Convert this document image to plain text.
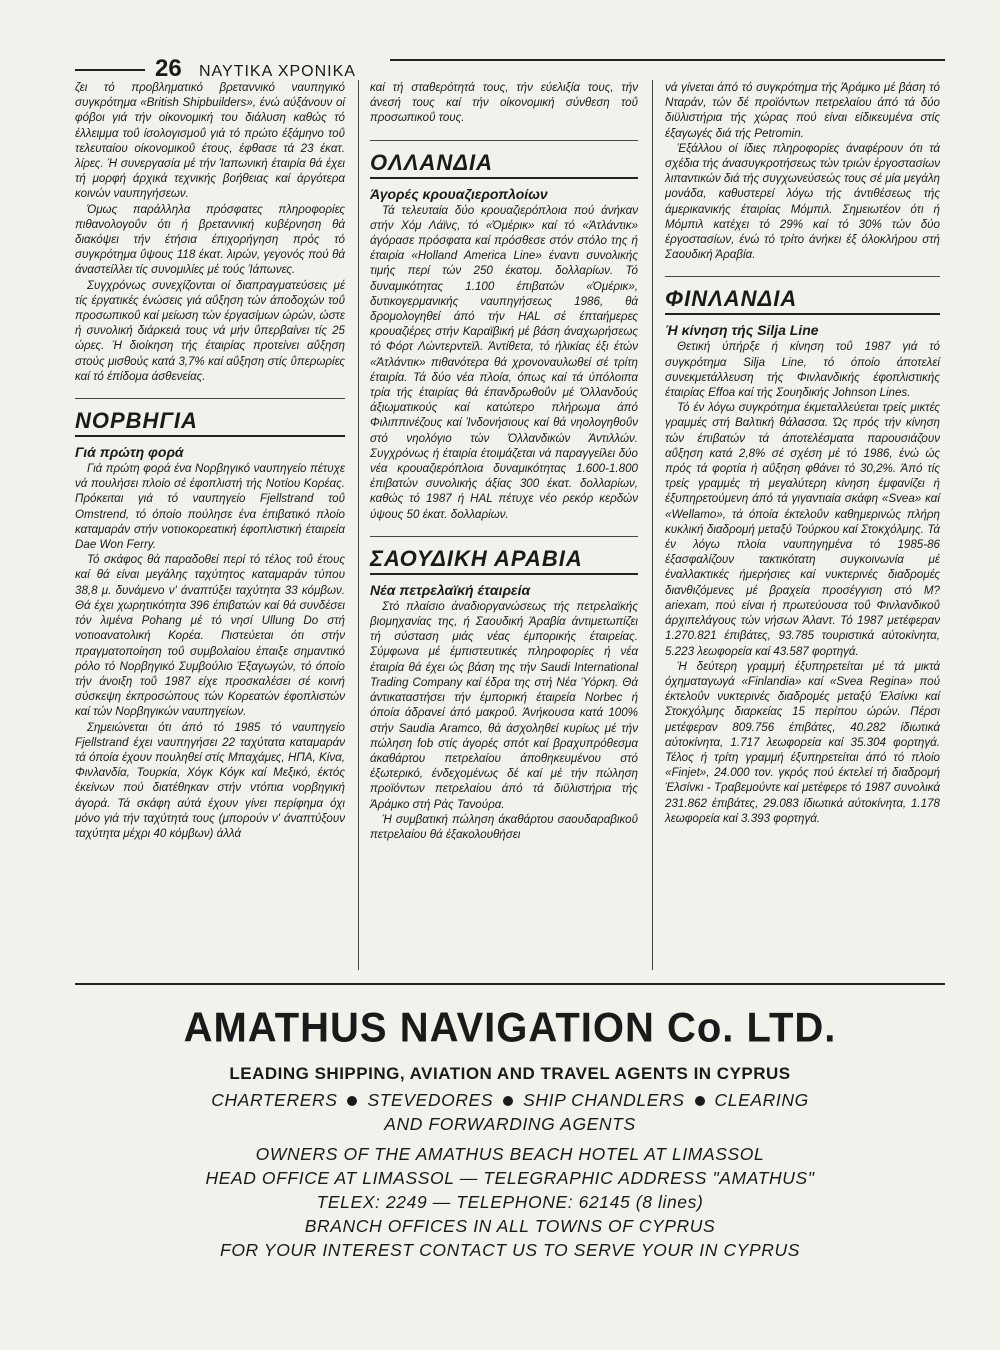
26 ΝΑΥΤΙΚΑ ΧΡΟΝΙΚΑ

ζει τό προβληματικό βρεταννικό ναυπηγικό συγκρότημα «British Shipbuilders», ένώ αύξάνουν οί φόβοι γιά τήν οίκονομική του διάλυση καθώς τό έλλειμμα τοΰ ίσολογισμοΰ γιά τό πρώτο έξάμηνο τοΰ τελευταίου οίκονομικοΰ έτους, έφθασε τά 23 έκατ. λίρες. Ή συνεργασία μέ τήν Ίαπωνική έταιρία θά έχει τή μορφή άρχικά τεχνικής βοήθειας καί άργότερα κοινών ναυπηγήσεων.

Όμως παράλληλα πρόσφατες πληροφορίες πιθανολογοΰν ότι ή βρεταννική κυβέρνηση θά διακόψει τήν έτήσια έπιχορήγηση πρός τό συγκρότημα ΰψους 118 έκατ. λιρών, γεγονός πού θά άναστείλλει τίς συνομιλίες μέ τούς Ίάπωνες.

Συγχρόνως συνεχίζονται οί διαπραγματεύσεις μέ τίς έργατικές ένώσεις γιά αΰξηση τών άποδοχών τοΰ προσωπικοΰ καί μείωση τών έργασίμων ώρών, ώστε ή συνολική διάρκειά τους νά μήν ΰπερβαίνει τίς 25 ώρες. Ή διοίκηση τής έταιρίας προτείνει αΰξηση στούς μισθούς κατά 3,7% καί αΰξηση στίς ΰπερωρίες καί τό έπίδομα άσθενείας.

ΝΟΡΒΗΓΙΑ

Γιά πρώτη φορά

Γιά πρώτη φορά ένα Νορβηγικό ναυπηγείο πέτυχε νά πουλήσει πλοίο σέ έφοπλιστή τής Νοτίου Κορέας. Πρόκειται γιά τό ναυπηγείο Fjellstrand τοΰ Omstrend, τό όποίο πούλησε ένα έπιβατικό πλοίο καταμαράν στήν νοτιοκορεατική έφοπλιστική έταιρεία Dae Won Ferry.

Τό σκάφος θά παραδοθεί περί τό τέλος τοΰ έτους καί θά είναι μεγάλης ταχύτητος καταμαράν τύπου 38,8 μ. δυνάμενο ν' άναπτύξει ταχύτητα 33 κόμβων. Θά έχει χωρητικότητα 396 έπιβατών καί θά συνδέσει τόν λιμένα Pohang μέ τό νησί Ullung Do στή νοτιοανατολική Κορέα. Πιστεύεται ότι στήν πραγματοποίηση τοΰ συμβολαίου έπαιξε σημαντικό ρόλο τό Νορβηγικό Συμβούλιο Έξαγωγών, τό όποίο τήν άνοιξη τοΰ 1987 είχε προσκαλέσει σέ κοινή σύσκεψη έκπροσώπους τών Κορεατών έφοπλιστών καί τών Νορβηγικών ναυπηγείων.

Σημειώνεται ότι άπό τό 1985 τό ναυπηγείο Fjellstrand έχει ναυπηγήσει 22 ταχύτατα καταμαράν τά όποία έχουν πουληθεί στίς Μπαχάμες, ΗΠΑ, Κίνα, Φινλανδία, Τουρκία, Χόγκ Κόγκ καί Μεξικό, έκτός έκείνων πού διατέθηκαν στήν ντόπια νορβηγική άγορά. Τά σκάφη αύτά έχουν γίνει περίφημα όχι μόνο γιά τήν ταχύτητά τους (μπορούν ν' άναπτύξουν ταχύτητα μέχρι 40 κόμβων) άλλά

καί τή σταθερότητά τους, τήν εύελιξία τους, τήν άνεσή τους καί τήν οίκονομική σύνθεση τοΰ προσωπικοΰ τους.

ΟΛΛΑΝΔΙΑ

Άγορές κρουαζιεροπλοίων

Τά τελευταία δύο κρουαζιερόπλοια πού άνήκαν στήν Χόμ Λάϊνς, τό «Όμέρικ» καί τό «Άτλάντικ» άγόρασε πρόσφατα καί πρόσθεσε στόν στόλο της ή έταιρία «Holland America Line» έναντι συνολικής τιμής περί τών 250 έκατομ. δολλαρίων. Τό δυναμικότητας 1.100 έπιβατών «Όμέρικ», δυτικογερμανικής ναυπηγήσεως 1986, θά δρομολογηθεί άπό τήν HAL σέ έπταήμερες κρουαζιέρες στήν Καραϊβική μέ βάση άναχωρήσεως τό Φόρτ Λώντερντεϊλ. Άντίθετα, τό ήλικίας έξι έτών «Άτλάντικ» πιθανότερα θά χρονοναυλωθεί σέ τρίτη έταιρία. Τά δύο νέα πλοία, όπως καί τά ύπόλοιπα τρία τής έταιρίας θά έπανδρωθοΰν μέ Όλλανδούς άξιωματικούς καί κατώτερο πλήρωμα άπό Φιλιππινέζους καί Ίνδονήσιους καί θά νηολογηθοΰν στό νηολόγιο τών Όλλανδικών Άντιλλών. Συγχρόνως ή έταιρία έτοιμάζεται νά παραγγείλει δύο νέα κρουαζιερόπλοια δυναμικότητας 1.600-1.800 έπιβατών συνολικής άξίας 300 έκατ. δολλαρίων, καθώς τό 1987 ή HAL πέτυχε νέο ρεκόρ κερδών ύψους 50 έκατ. δολλαρίων.

ΣΑΟΥΔΙΚΗ ΑΡΑΒΙΑ

Νέα πετρελαϊκή έταιρεία

Στό πλαίσιο άναδιοργανώσεως τής πετρελαϊκής βιομηχανίας της, ή Σαουδική Άραβία άντιμετωπίζει τή σύσταση μιάς νέας έμπορικής έταιρείας. Σύμφωνα μέ έμπιστευτικές πληροφορίες ή νέα έταιρία θά έχει ώς βάση της τήν Saudi International Trading Company καί έδρα της στή Νέα Ύόρκη. Θά άντικαταστήσει τήν έμπορική έταιρεία Norbec ή όποία άδρανεί άπό μακροΰ. Άνήκουσα κατά 100% στήν Saudia Aramco, θά άσχοληθεί κυρίως μέ τήν πώληση fob στίς άγορές σπότ καί βραχυπρόθεσμα άκαθάρτου πετρελαίου άποθηκευμένου στό έξωτερικό, ένδεχομένως δέ καί μέ τήν πώληση προϊόντων πετρελαίου άπό τά διϋλιστήρια τής Άράμκο στή Ράς Τανούρα.

Ή συμβατική πώληση άκαθάρτου σαουδαραβικοΰ πετρελαίου θά έξακολουθήσει

νά γίνεται άπό τό συγκρότημα τής Άράμκο μέ βάση τό Νταράν, τών δέ προϊόντων πετρελαίου άπό τά δύο διϋλιστήρια τής χώρας πού είναι είδικευμένα στίς έξαγωγές διά τής Petromin.

Έξάλλου οί ίδιες πληροφορίες άναφέρουν ότι τά σχέδια τής άνασυγκροτήσεως τών τριών έργοστασίων λιπαντικών διά τής συγχωνεύσεώς τους σέ μία μεγάλη μονάδα, καθυστερεί λόγω τής άντιθέσεως τής άμερικανικής έταιρίας Μόμπιλ. Σημειωτέον ότι ή Μόμπιλ κατέχει τό 29% καί τό 30% τών δύο έργοστασίων, ένώ τό τρίτο άνήκει έξ όλοκλήρου στή Σαουδική Άραβία.

ΦΙΝΛΑΝΔΙΑ

Ή κίνηση τής Silja Line

Θετική ύπήρξε ή κίνηση τοΰ 1987 γιά τό συγκρότημα Silja Line, τό όποίο άποτελεί συνεκμετάλλευση τής Φινλανδικής έφοπλιστικής έταιρίας Effoa καί τής Σουηδικής Johnson Lines.

Τό έν λόγω συγκρότημα έκμεταλλεύεται τρείς μικτές γραμμές στή Βαλτική θάλασσα. Ώς πρός τήν κίνηση τών έπιβατών τά άποτελέσματα παρουσιάζουν αΰξηση κατά 2,8% σέ σχέση μέ τό 1986, ένώ ώς πρός τά φορτία ή αΰξηση φθάνει τό 30,2%. Άπό τίς τρείς γραμμές τή μεγαλύτερη κίνηση έμφανίζει ή έξυπηρετούμενη άπό τά γιγαντιαία σκάφη «Svea» καί «Wellamo», τά όποία έκτελοΰν καθημερινώς πλήρη κυκλική διαδρομή μεταξύ Τούρκου καί Στοκχόλμης. Τά έν λόγω πλοία ναυπηγημένα τό 1985-86 έξασφαλίζουν τακτικότατη συγκοινωνία μέ έναλλακτικές ήμερήσιες καί νυκτερινές διαδρομές διανθιζόμενες μέ βραχεία προσέγγιση στό Μ?ariexam, πού είναι ή πρωτεύουσα τοΰ Φινλανδικοΰ άρχιπελάγους τών νήσων Άλαντ. Τό 1987 μετέφεραν 1.270.821 έπιβάτες, 93.785 τουριστικά αύτοκίνητα, 5.223 λεωφορεία καί 43.587 φορτηγά.

Ή δεύτερη γραμμή έξυπηρετείται μέ τά μικτά όχηματαγωγά «Finlandia» καί «Svea Regina» πού έκτελοΰν νυκτερινές διαδρομές μεταξύ Έλσίνκι καί Στοκχόλμης διαρκείας 15 περίπου ώρών. Πέρσι μετέφεραν 809.756 έπιβάτες, 40.282 ίδιωτικά αύτοκίνητα, 1.717 λεωφορεία καί 35.304 φορτηγά. Τέλος ή τρίτη γραμμή έξυπηρετείται άπό τό πλοίο «Finjet», 24.000 τον. γκρός πού έκτελεί τή διαδρομή Έλσίνκι - Τραβεμούντε καί μετέφερε τό 1987 συνολικά 231.862 έπιβάτες, 29.083 ίδιωτικά αύτοκίνητα, 1.178 λεωφορεία καί 3.393 φορτηγά.

AMATHUS NAVIGATION Co. LTD.
LEADING SHIPPING, AVIATION AND TRAVEL AGENTS IN CYPRUS
CHARTERERS STEVEDORES SHIP CHANDLERS CLEARING
AND FORWARDING AGENTS
OWNERS OF THE AMATHUS BEACH HOTEL AT LIMASSOL
HEAD OFFICE AT LIMASSOL — TELEGRAPHIC ADDRESS "AMATHUS"
TELEX: 2249 — TELEPHONE: 62145 (8 lines)
BRANCH OFFICES IN ALL TOWNS OF CYPRUS
FOR YOUR INTEREST CONTACT US TO SERVE YOUR IN CYPRUS
